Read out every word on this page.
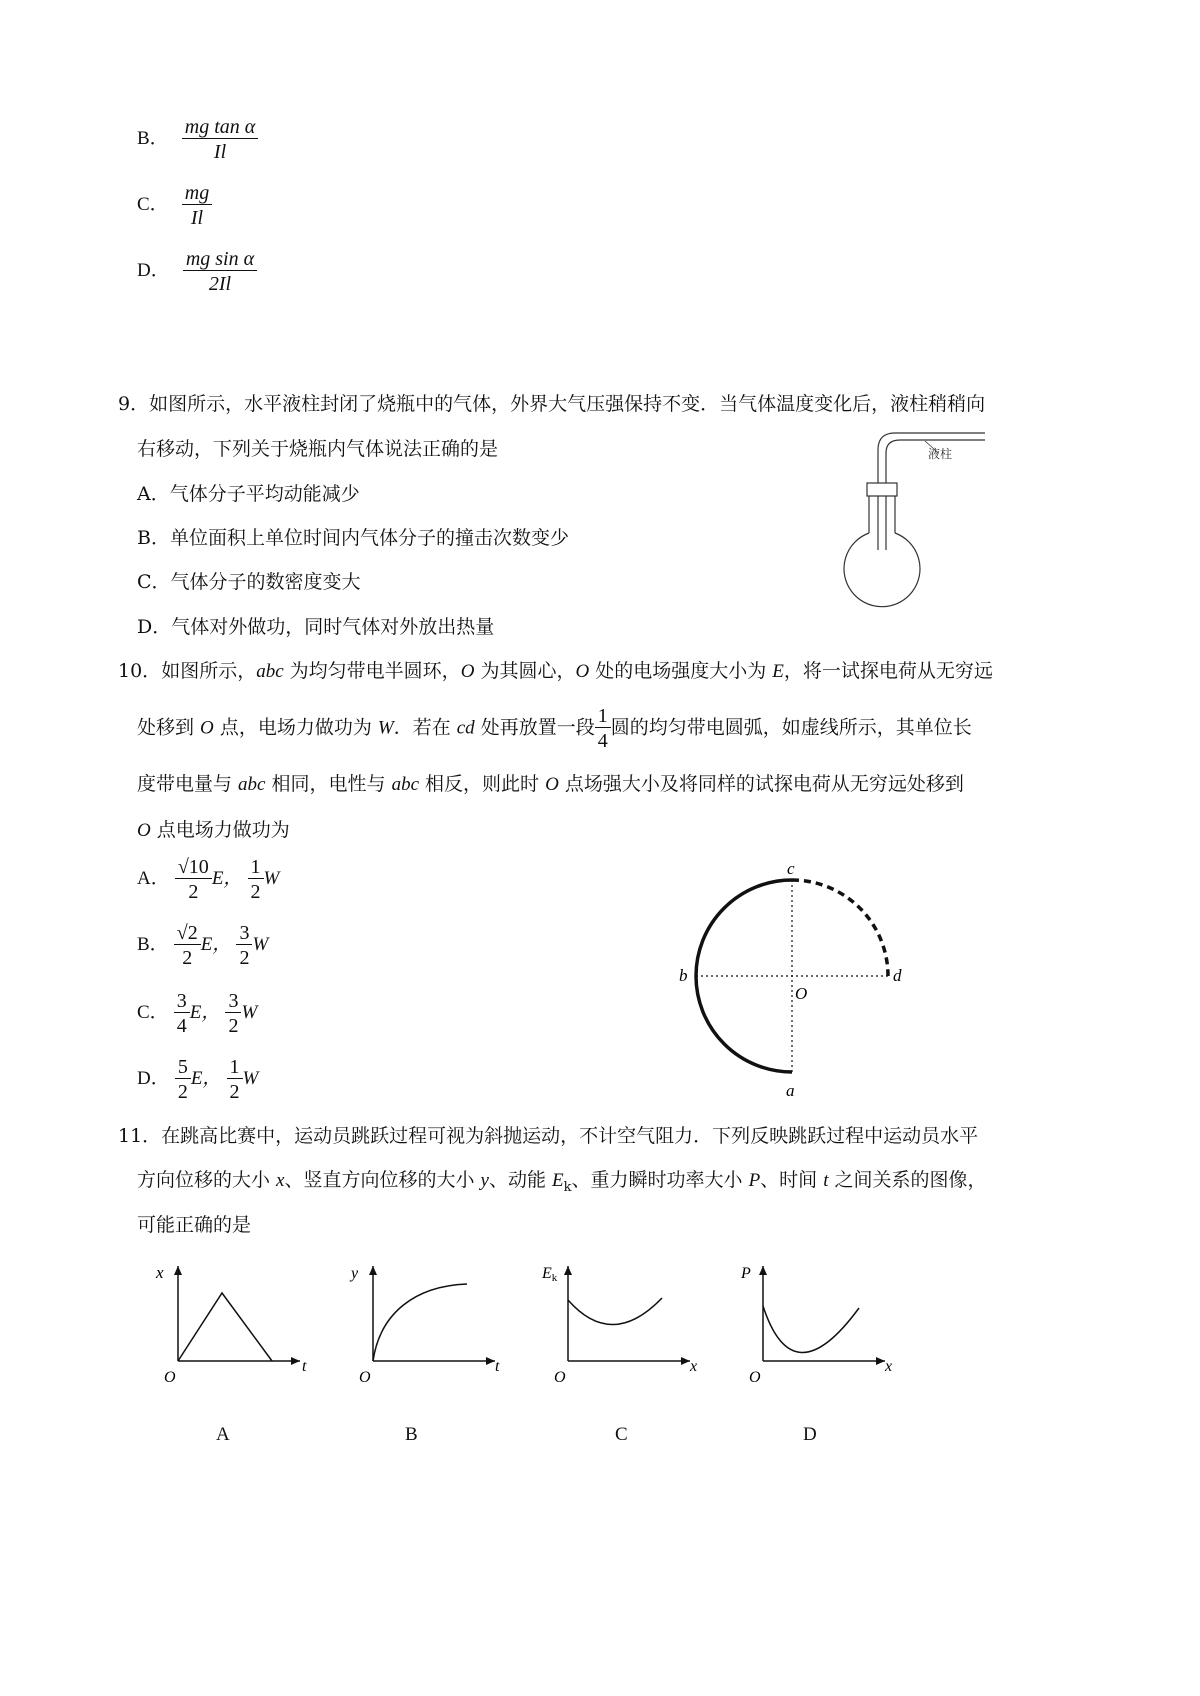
B． $\frac{\text{mg tan α}}{Il}$
C． $\frac{mg}{Il}$
D． $\frac{\text{mg sin α}}{2Il}$
9．如图所示，水平液柱封闭了烧瓶中的气体，外界大气压强保持不变．当气体温度变化后，液柱稍稍向
右移动，下列关于烧瓶内气体说法正确的是
A．气体分子平均动能减少
B．单位面积上单位时间内气体分子的撞击次数变少
C．气体分子的数密度变大
D．气体对外做功，同时气体对外放出热量
液柱
10．如图所示，abc 为均匀带电半圆环，O 为其圆心，O 处的电场强度大小为 E，将一试探电荷从无穷远
处移到 O 点，电场力做功为 W．若在 cd 处再放置一段 $\frac{1}{4}$ 圆的均匀带电圆弧，如虚线所示，其单位长
度带电量与 abc 相同，电性与 abc 相反，则此时 O 点场强大小及将同样的试探电荷从无穷远处移到
O 点电场力做功为
A． $\frac{√10}{2}$ E， $\frac{1}{2}$ W
B． $\frac{√2}{2}$ E， $\frac{3}{2}$ W
C． $\frac{3}{4}$ E， $\frac{3}{2}$ W
D． $\frac{5}{2}$ E， $\frac{1}{2}$ W
c
b	d
O
a
11．在跳高比赛中，运动员跳跃过程可视为斜抛运动，不计空气阻力．下列反映跳跃过程中运动员水平
方向位移的大小 x、竖直方向位移的大小 y、动能 $E_k$、重力瞬时功率大小 P、时间 t 之间关系的图像，
可能正确的是
x
t
O
A
y
t
O
B
Ek
x
O
C
P
x
O
D
